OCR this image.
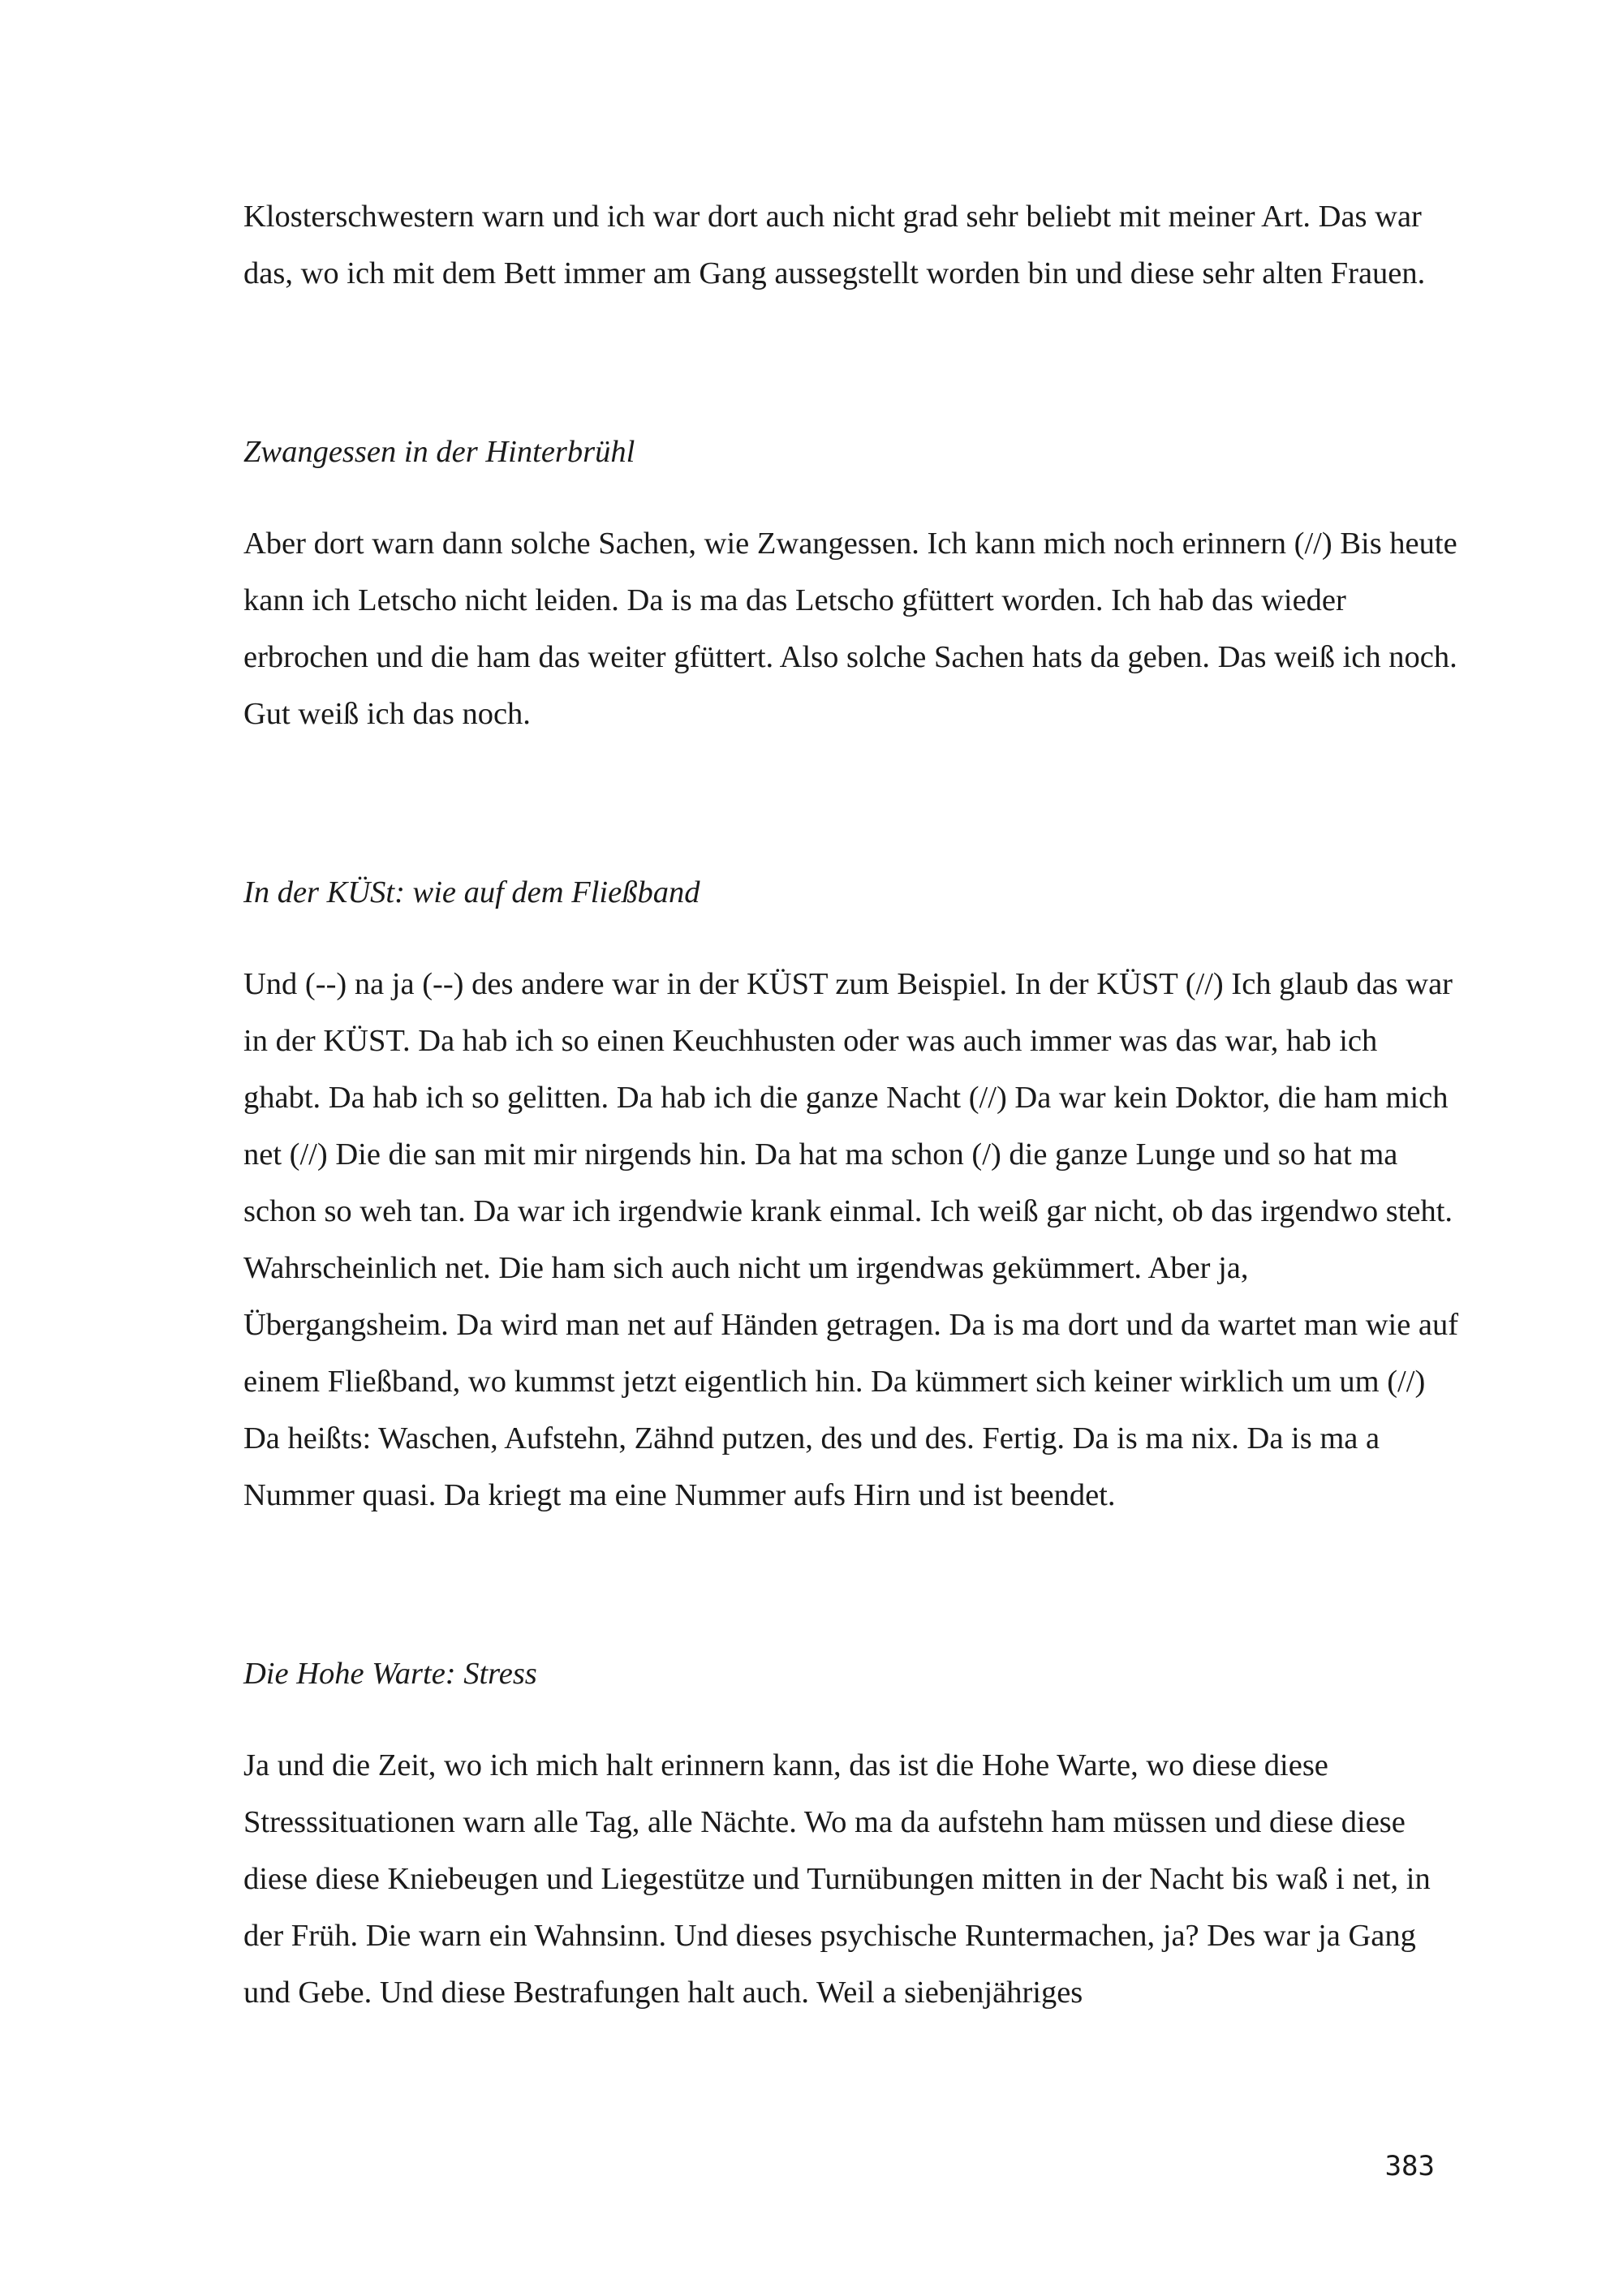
Klosterschwestern warn und ich war dort auch nicht grad sehr beliebt mit meiner Art. Das war das, wo ich mit dem Bett immer am Gang aussegstellt worden bin und diese sehr alten Frauen.

Zwangessen in der Hinterbrühl

Aber dort warn dann solche Sachen, wie Zwangessen. Ich kann mich noch erinnern (//) Bis heute kann ich Letscho nicht leiden. Da is ma das Letscho gfüttert worden. Ich hab das wieder erbrochen und die ham das weiter gfüttert. Also solche Sachen hats da geben. Das weiß ich noch. Gut weiß ich das noch.

In der KÜSt: wie auf dem Fließband

Und (--) na ja (--) des andere war in der KÜST zum Beispiel. In der KÜST (//) Ich glaub das war in der KÜST. Da hab ich so einen Keuchhusten oder was auch immer was das war, hab ich ghabt. Da hab ich so gelitten. Da hab ich die ganze Nacht (//) Da war kein Doktor, die ham mich net (//) Die die san mit mir nirgends hin. Da hat ma schon (/) die ganze Lunge und so hat ma schon so weh tan. Da war ich irgendwie krank einmal. Ich weiß gar nicht, ob das irgendwo steht. Wahrscheinlich net. Die ham sich auch nicht um irgendwas gekümmert. Aber ja, Übergangsheim. Da wird man net auf Händen getragen. Da is ma dort und da wartet man wie auf einem Fließband, wo kummst jetzt eigentlich hin. Da kümmert sich keiner wirklich um um (//) Da heißts: Waschen, Aufstehn, Zähnd putzen, des und des. Fertig. Da is ma nix. Da is ma a Nummer quasi. Da kriegt ma eine Nummer aufs Hirn und ist beendet.

Die Hohe Warte: Stress

Ja und die Zeit, wo ich mich halt erinnern kann, das ist die Hohe Warte, wo diese diese Stresssituationen warn alle Tag, alle Nächte. Wo ma da aufstehn ham müssen und diese diese diese diese Kniebeugen und Liegestütze und Turnübungen mitten in der Nacht bis waß i net, in der Früh. Die warn ein Wahnsinn. Und dieses psychische Runtermachen, ja? Des war ja Gang und Gebe. Und diese Bestrafungen halt auch. Weil a siebenjähriges

383
